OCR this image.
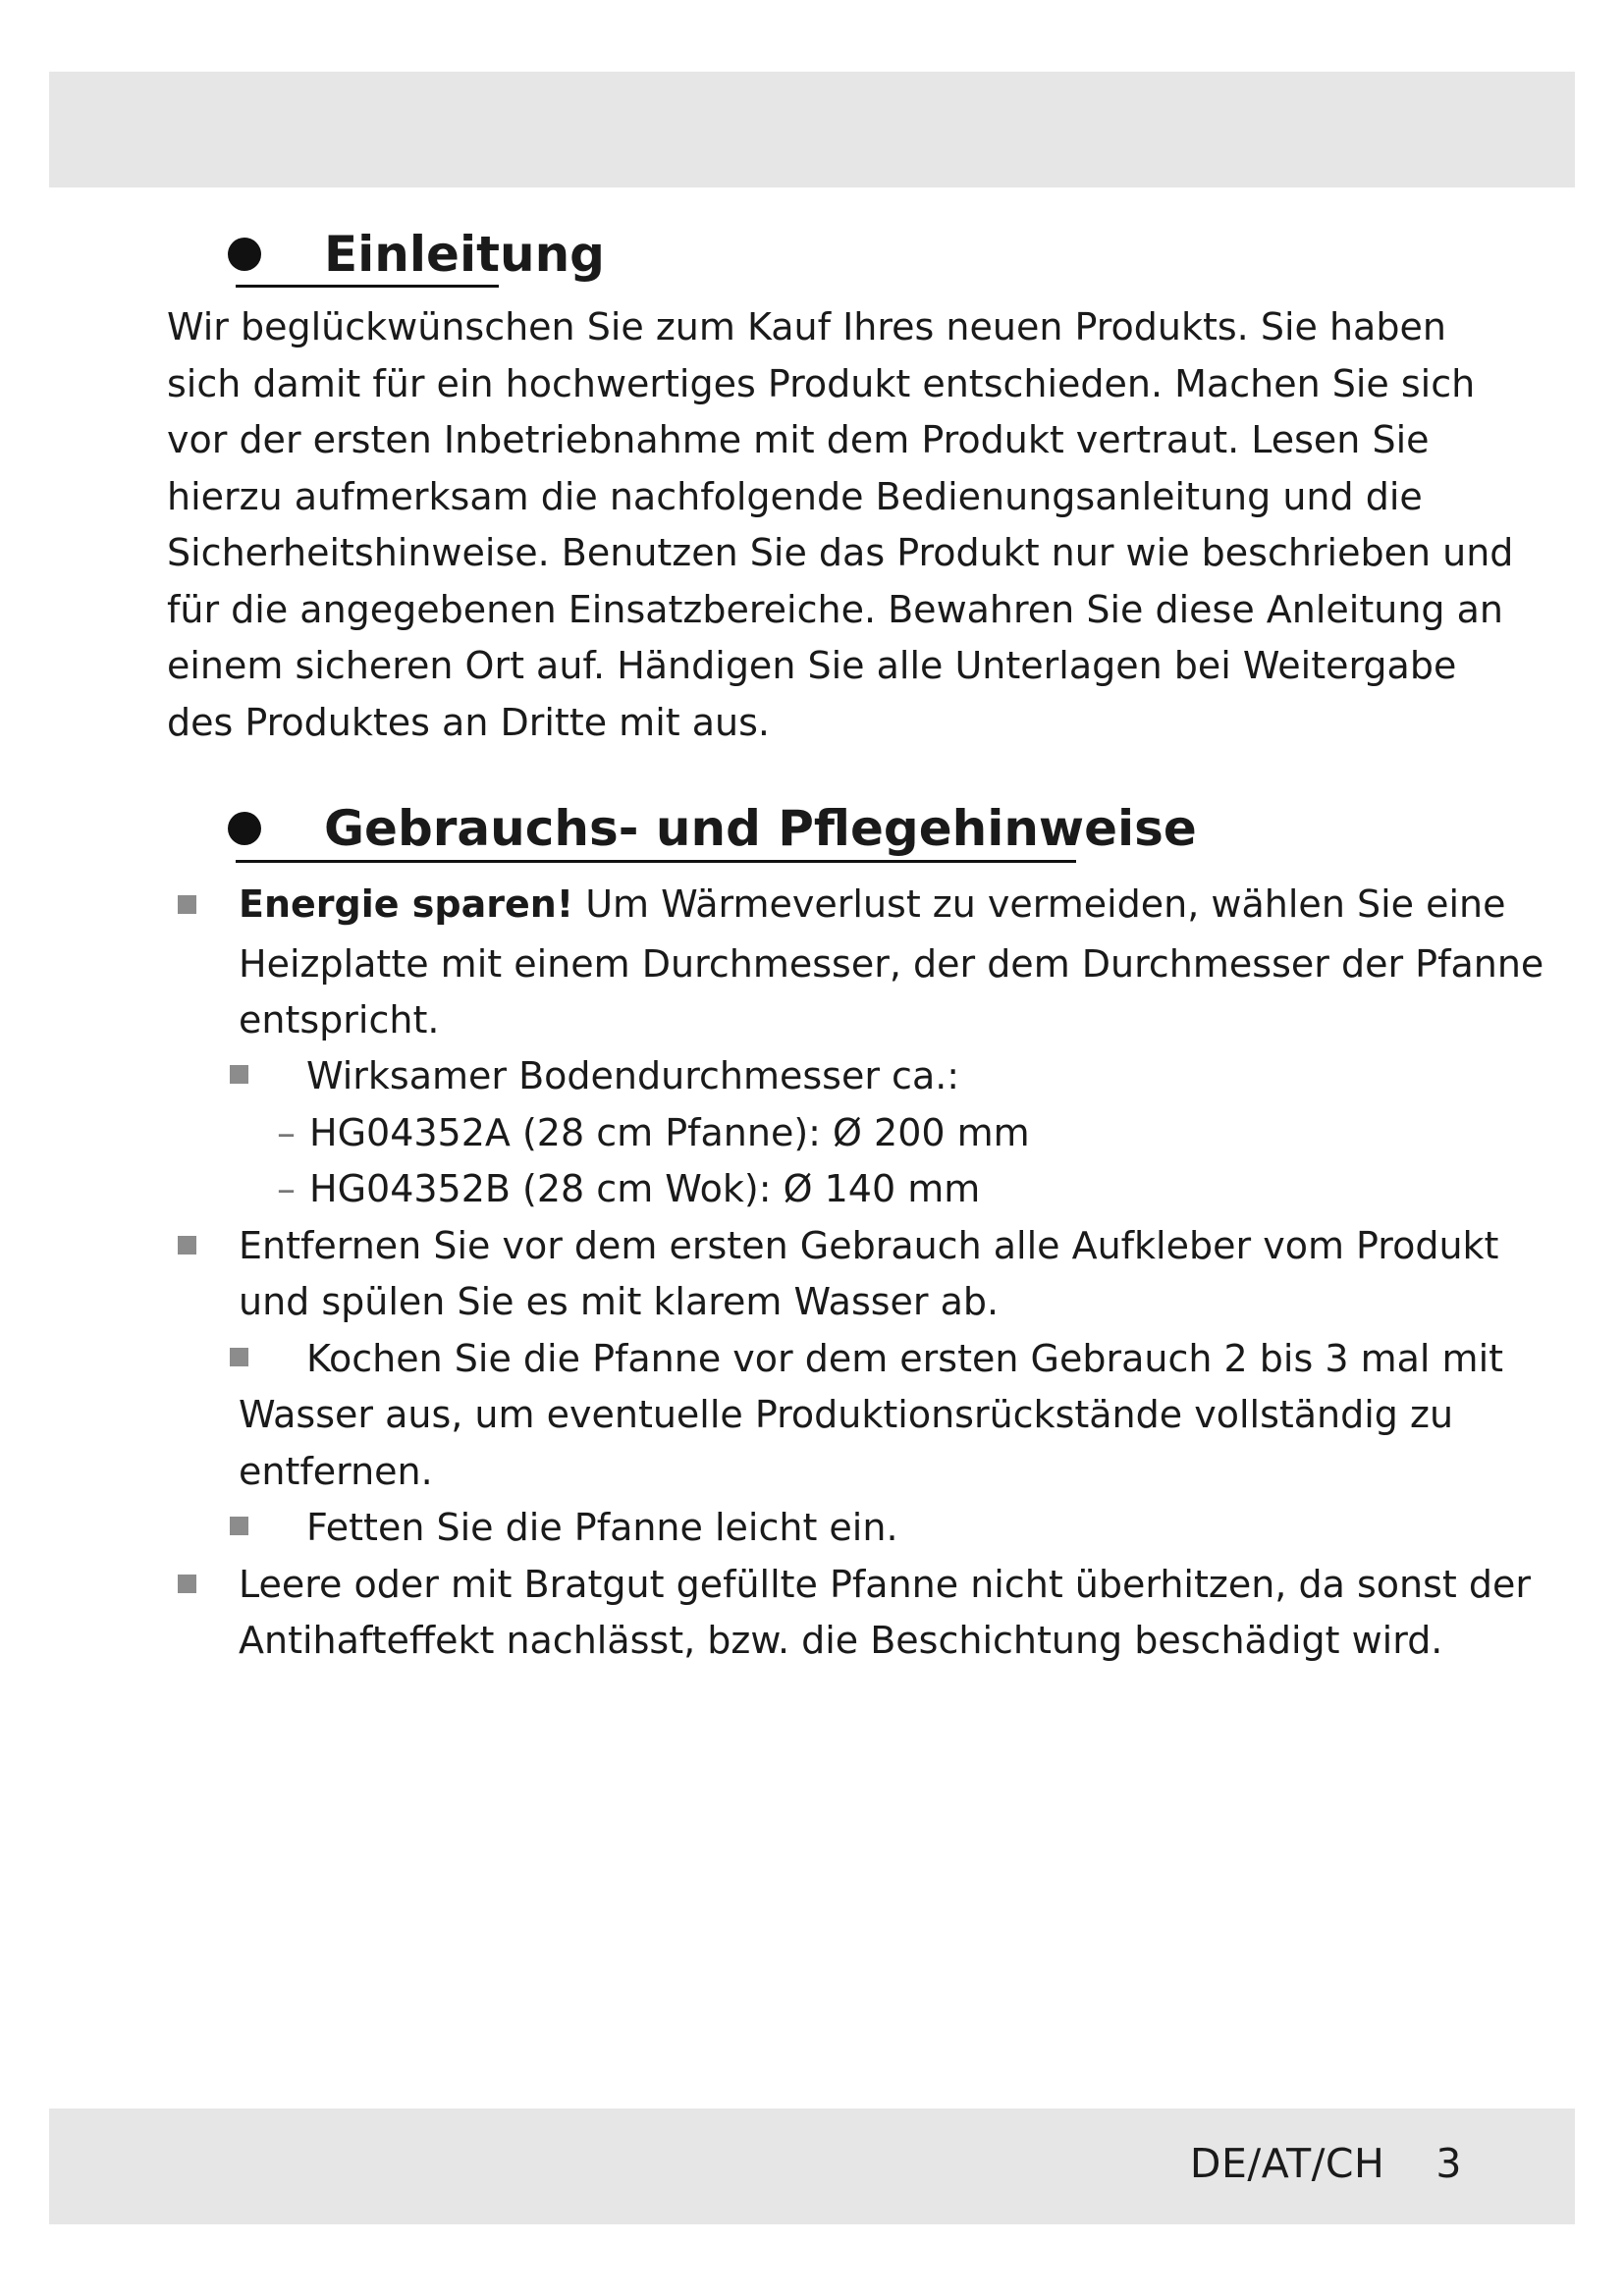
Einleitung
Wir beglückwünschen Sie zum Kauf Ihres neuen Produkts. Sie haben
sich damit für ein hochwertiges Produkt entschieden. Machen Sie sich
vor der ersten Inbetriebnahme mit dem Produkt vertraut. Lesen Sie
hierzu aufmerksam die nachfolgende Bedienungsanleitung und die
Sicherheitshinweise. Benutzen Sie das Produkt nur wie beschrieben und
für die angegebenen Einsatzbereiche. Bewahren Sie diese Anleitung an
einem sicheren Ort auf. Händigen Sie alle Unterlagen bei Weitergabe
des Produktes an Dritte mit aus.
Gebrauchs- und Pflegehinweise
Energie sparen! Um Wärmeverlust zu vermeiden, wählen Sie eine
Heizplatte mit einem Durchmesser, der dem Durchmesser der Pfanne
entspricht.
Wirksamer Bodendurchmesser ca.:
– HG04352A (28 cm Pfanne): Ø 200 mm
– HG04352B (28 cm Wok): Ø 140 mm
Entfernen Sie vor dem ersten Gebrauch alle Aufkleber vom Produkt
und spülen Sie es mit klarem Wasser ab.
Kochen Sie die Pfanne vor dem ersten Gebrauch 2 bis 3 mal mit
Wasser aus, um eventuelle Produktionsrückstände vollständig zu
entfernen.
Fetten Sie die Pfanne leicht ein.
Leere oder mit Bratgut gefüllte Pfanne nicht überhitzen, da sonst der
Antihafteffekt nachlässt, bzw. die Beschichtung beschädigt wird.
DE/AT/CH 3
